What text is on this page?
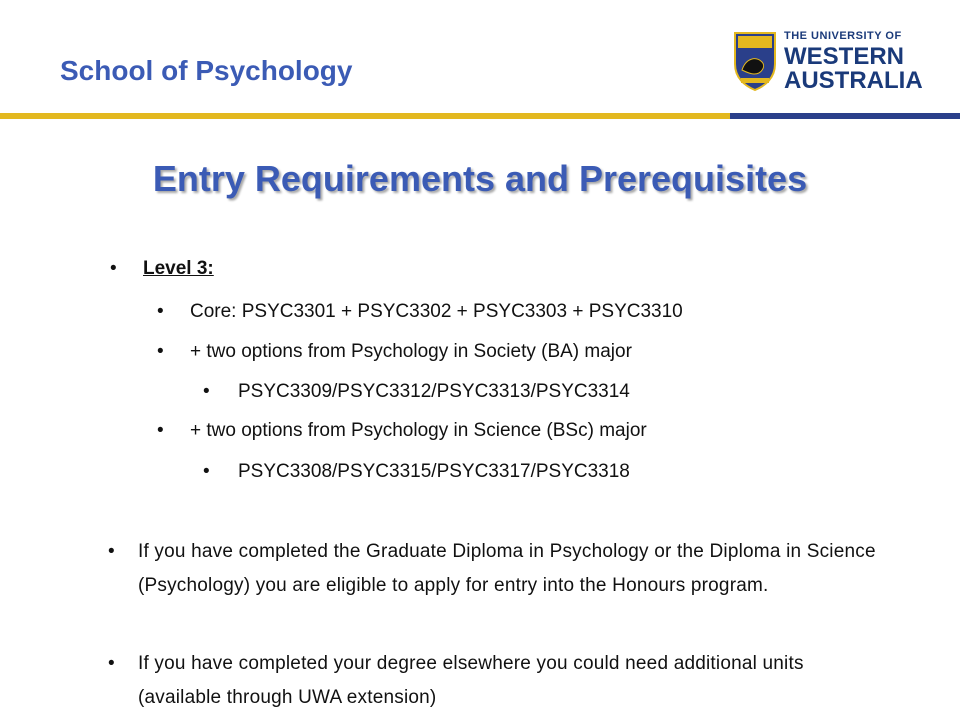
School of Psychology
THE UNIVERSITY OF
WESTERN
AUSTRALIA
Entry Requirements and Prerequisites
• Level 3:
• Core: PSYC3301 + PSYC3302 + PSYC3303 + PSYC3310
• + two options from Psychology in Society (BA) major
• PSYC3309/PSYC3312/PSYC3313/PSYC3314
• + two options from Psychology in Science (BSc) major
• PSYC3308/PSYC3315/PSYC3317/PSYC3318
• If you have completed the Graduate Diploma in Psychology or the Diploma in Science (Psychology) you are eligible to apply for entry into the Honours program.
• If you have completed your degree elsewhere you could need additional units (available through UWA extension)
